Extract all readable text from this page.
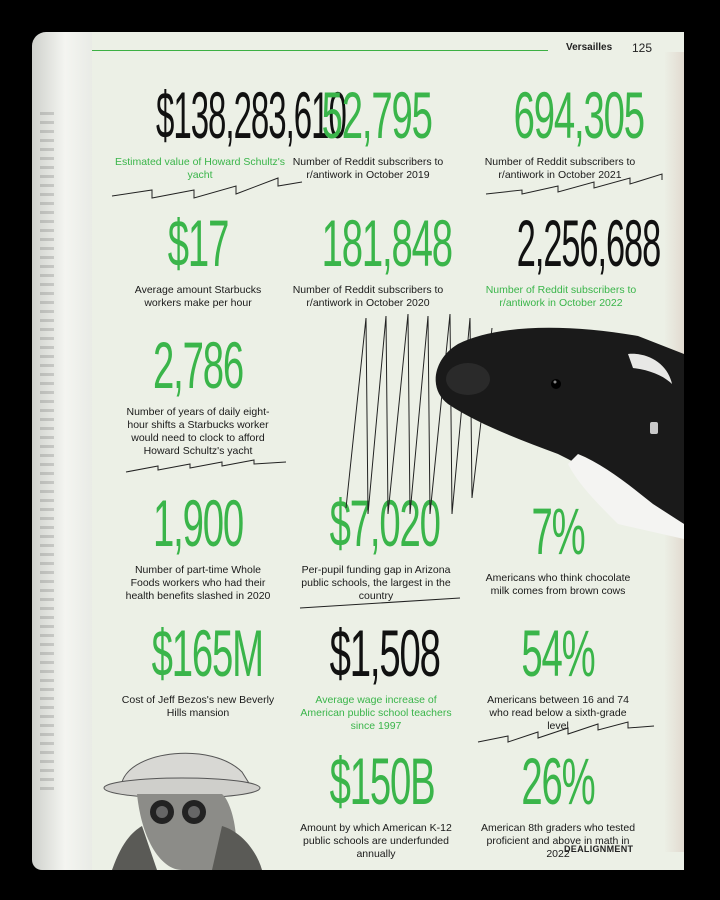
Versailles 125

$138,283,610
Estimated value of Howard Schultz's yacht
52,795
Number of Reddit subscribers to r/antiwork in October 2019
694,305
Number of Reddit subscribers to r/antiwork in October 2021
$17
Average amount Starbucks workers make per hour
181,848
Number of Reddit subscribers to r/antiwork in October 2020
2,256,688
Number of Reddit subscribers to r/antiwork in October 2022
2,786
Number of years of daily eight-hour shifts a Starbucks worker would need to clock to afford Howard Schultz's yacht
1,900
Number of part-time Whole Foods workers who had their health benefits slashed in 2020
$7,020
Per-pupil funding gap in Arizona public schools, the largest in the country
7%
Americans who think chocolate milk comes from brown cows
$165M
Cost of Jeff Bezos's new Beverly Hills mansion
$1,508
Average wage increase of American public school teachers since 1997
54%
Americans between 16 and 74 who read below a sixth-grade level
$150B
Amount by which American K-12 public schools are underfunded annually
26%
American 8th graders who tested proficient and above in math in 2022
DEALIGNMENT
